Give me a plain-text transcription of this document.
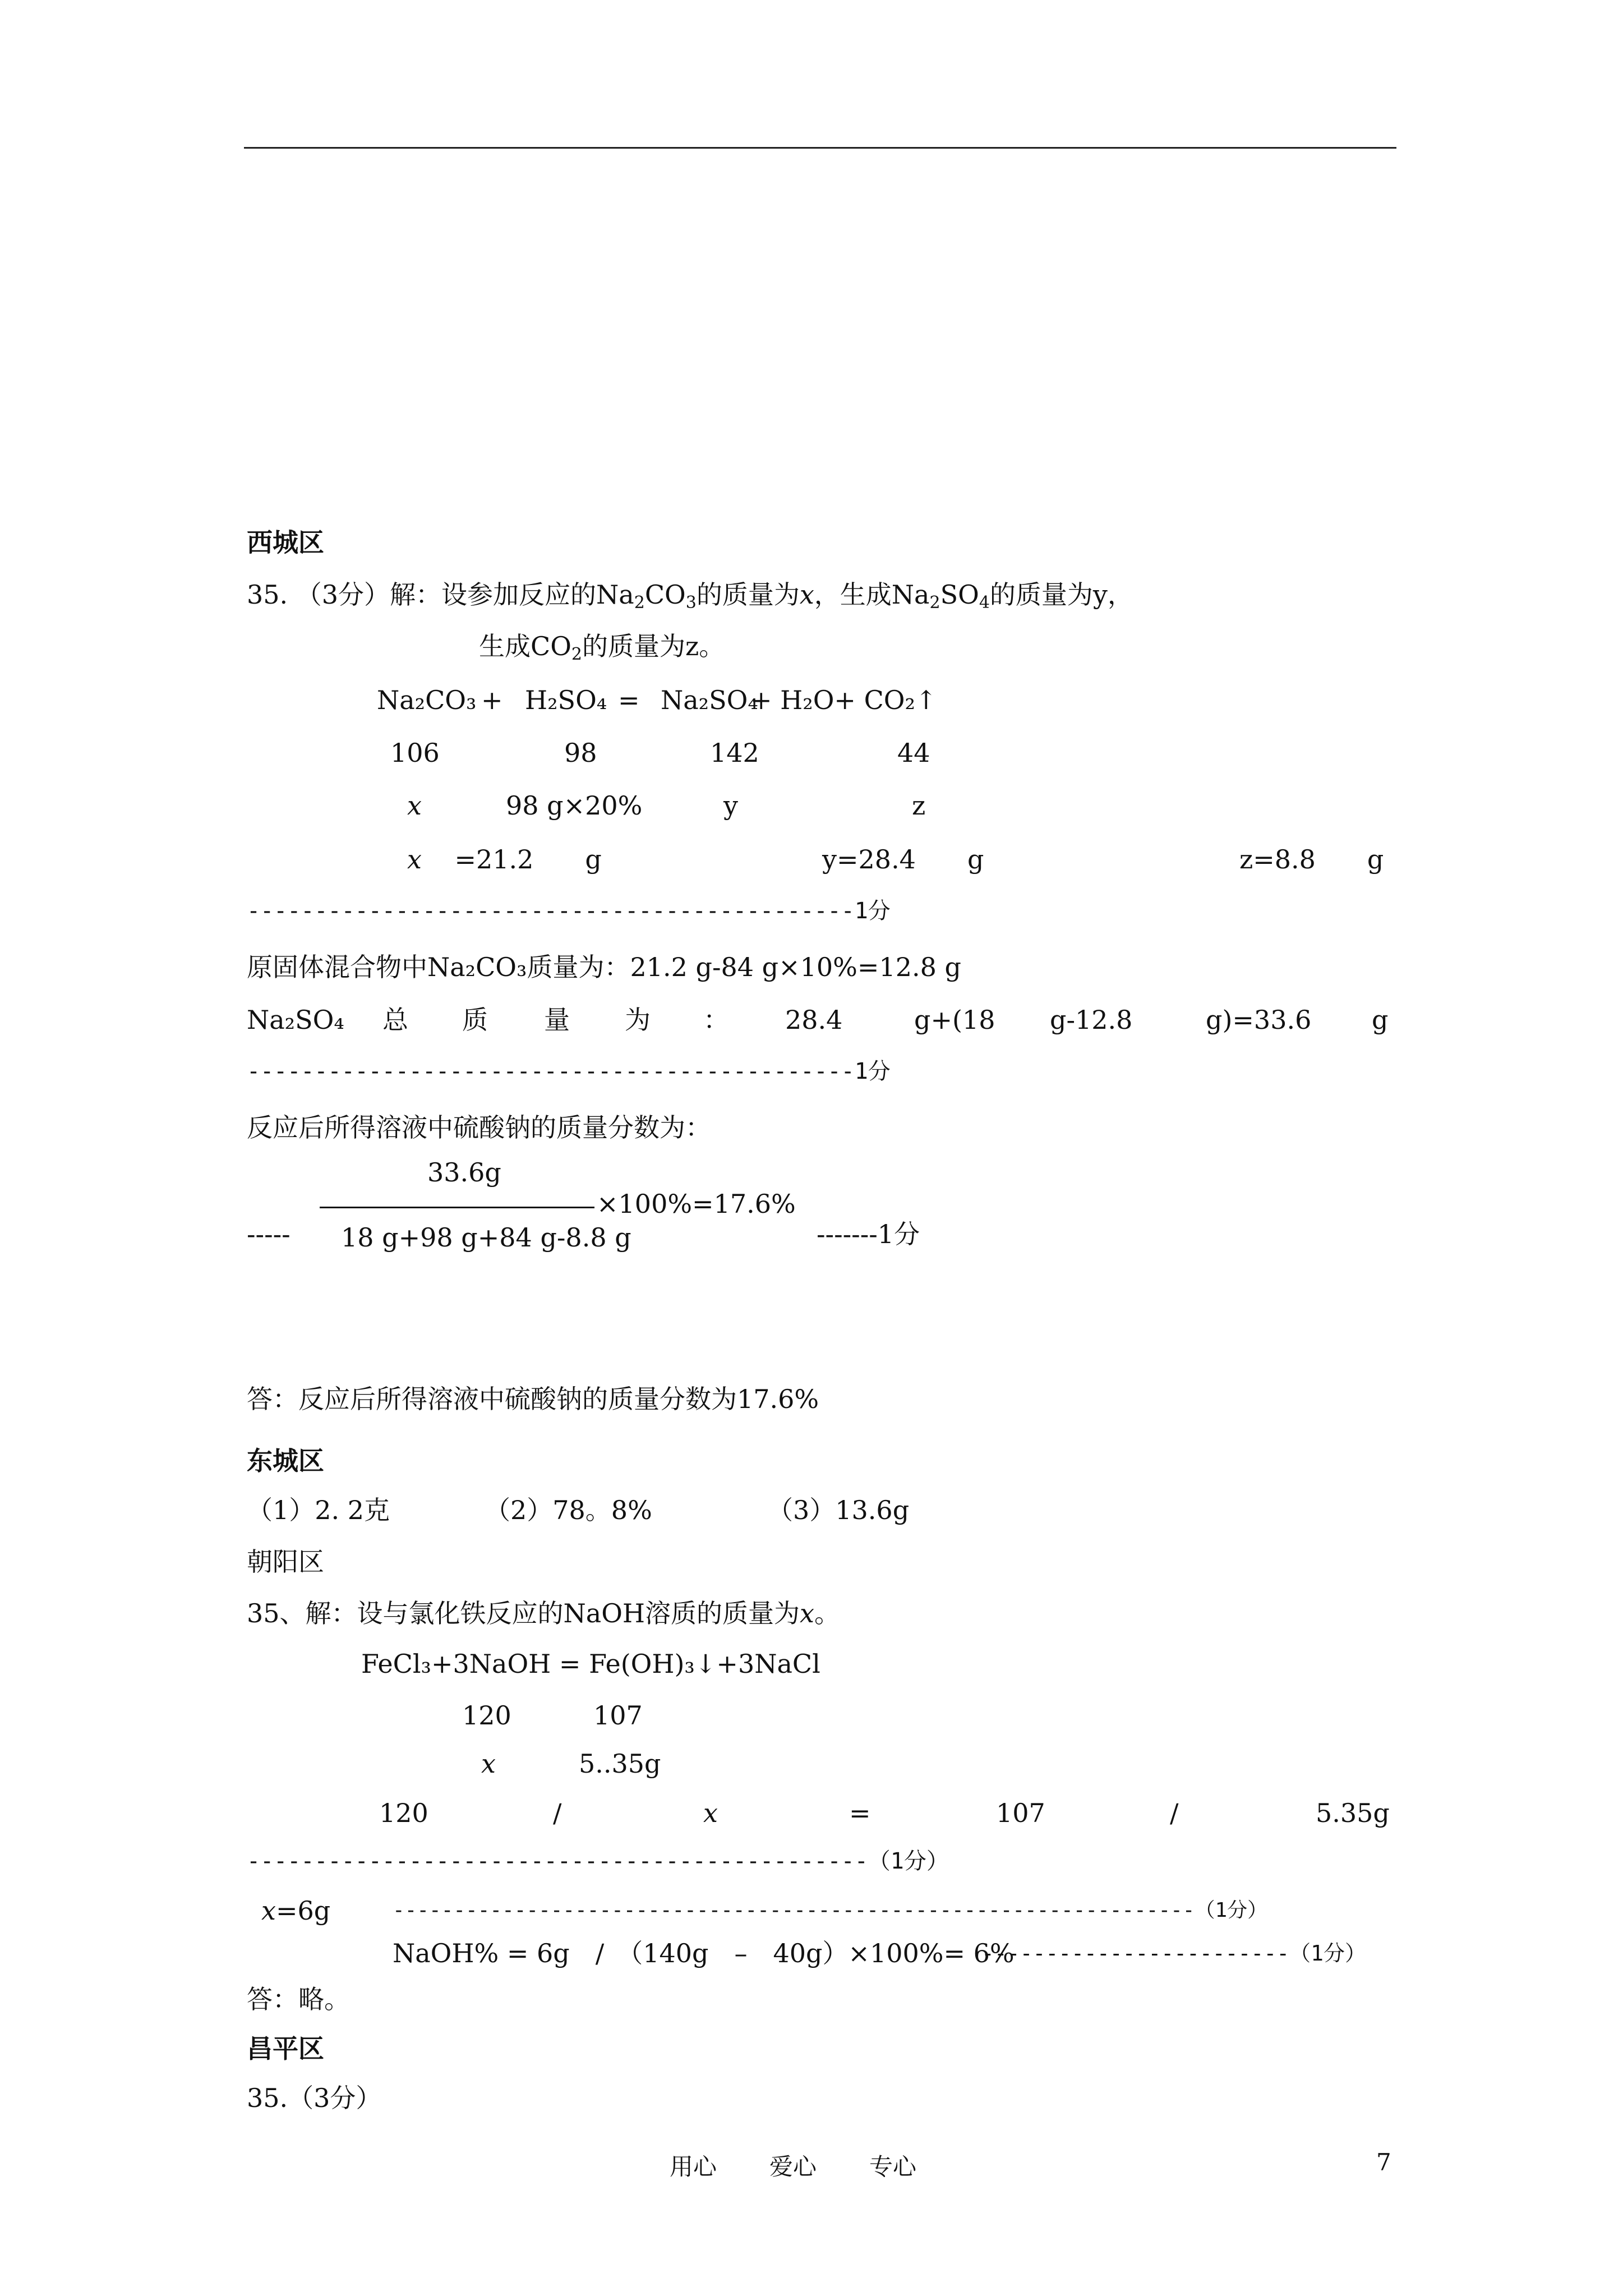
西城区
35. （3分）解：设参加反应的$Na_2CO_3$的质量为x，生成$Na_2SO_4$的质量为y，
生成$CO_2$的质量为z。
Na₂CO₃ + H₂SO₄ = Na₂SO₄
+ H₂O+ CO₂↑
106	98	142	44
x	98 g×20%	y	z
x =21.2　　g	y=28.4　　g	z=8.8　　g
---------------------------------------------1分
原固体混合物中Na₂CO₃质量为：21.2 g-84 g×10%=12.8 g
Na₂SO₄ 总 质 量 为 ： 28.4	g+(18 g-12.8	g)=33.6 g
---------------------------------------------1分
反应后所得溶液中硫酸钠的质量分数为：
33.6g
×100%=17.6%
----- 18 g+98 g+84 g-8.8 g	-------1分
答：反应后所得溶液中硫酸钠的质量分数为17.6%
东城区
（1）2. 2克	（2）78。8%	（3）13.6g
朝阳区
35、解：设与氯化铁反应的NaOH溶质的质量为x。
FeCl₃+3NaOH = Fe(OH)₃↓+3NaCl
120	107
x	5..35g
120	/	x	=	107	/	5.35g
----------------------------------------------（1分）
x=6g	------------------------------------------------------------------（1分）
NaOH% = 6g　/　（140g　–　40g）×100%= 6%
------------------------（1分）
答：略。
昌平区
35.（3分）
用心 爱心 专心	7
